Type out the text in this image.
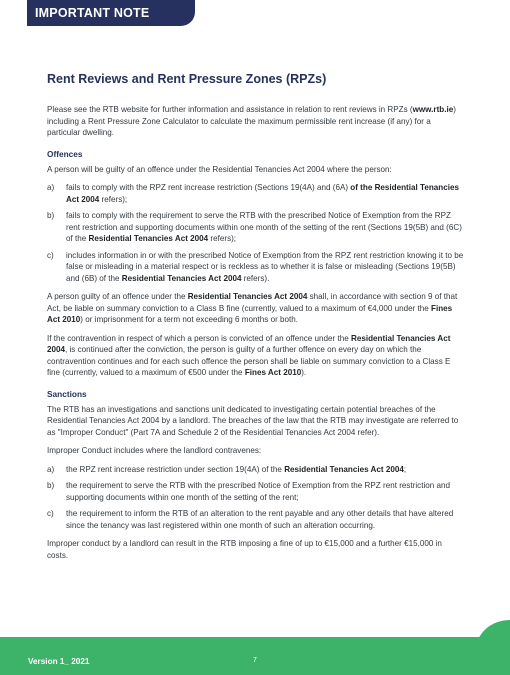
IMPORTANT NOTE
Rent Reviews and Rent Pressure Zones (RPZs)

Please see the RTB website for further information and assistance in relation to rent reviews in RPZs (www.rtb.ie) including a Rent Pressure Zone Calculator to calculate the maximum permissible rent increase (if any) for a particular dwelling.

Offences

A person will be guilty of an offence under the Residential Tenancies Act 2004 where the person:

a) fails to comply with the RPZ rent increase restriction (Sections 19(4A) and (6A) of the Residential Tenancies Act 2004 refers);
b) fails to comply with the requirement to serve the RTB with the prescribed Notice of Exemption from the RPZ rent restriction and supporting documents within one month of the setting of the rent (Sections 19(5B) and (6C) of the Residential Tenancies Act 2004 refers);
c) includes information in or with the prescribed Notice of Exemption from the RPZ rent restriction knowing it to be false or misleading in a material respect or is reckless as to whether it is false or misleading (Sections 19(5B) and (6B) of the Residential Tenancies Act 2004 refers).

A person guilty of an offence under the Residential Tenancies Act 2004 shall, in accordance with section 9 of that Act, be liable on summary conviction to a Class B fine (currently, valued to a maximum of €4,000 under the Fines Act 2010) or imprisonment for a term not exceeding 6 months or both.

If the contravention in respect of which a person is convicted of an offence under the Residential Tenancies Act 2004, is continued after the conviction, the person is guilty of a further offence on every day on which the contravention continues and for each such offence the person shall be liable on summary conviction to a Class E fine (currently, valued to a maximum of €500 under the Fines Act 2010).

Sanctions

The RTB has an investigations and sanctions unit dedicated to investigating certain potential breaches of the Residential Tenancies Act 2004 by a landlord. The breaches of the law that the RTB may investigate are referred to as "Improper Conduct" (Part 7A and Schedule 2 of the Residential Tenancies Act 2004 refer).

Improper Conduct includes where the landlord contravenes:

a) the RPZ rent increase restriction under section 19(4A) of the Residential Tenancies Act 2004;
b) the requirement to serve the RTB with the prescribed Notice of Exemption from the RPZ rent restriction and supporting documents within one month of the setting of the rent;
c) the requirement to inform the RTB of an alteration to the rent payable and any other details that have altered since the tenancy was last registered within one month of such an alteration occurring.

Improper conduct by a landlord can result in the RTB imposing a fine of up to €15,000 and a further €15,000 in costs.

Version 1_ 2021	7
